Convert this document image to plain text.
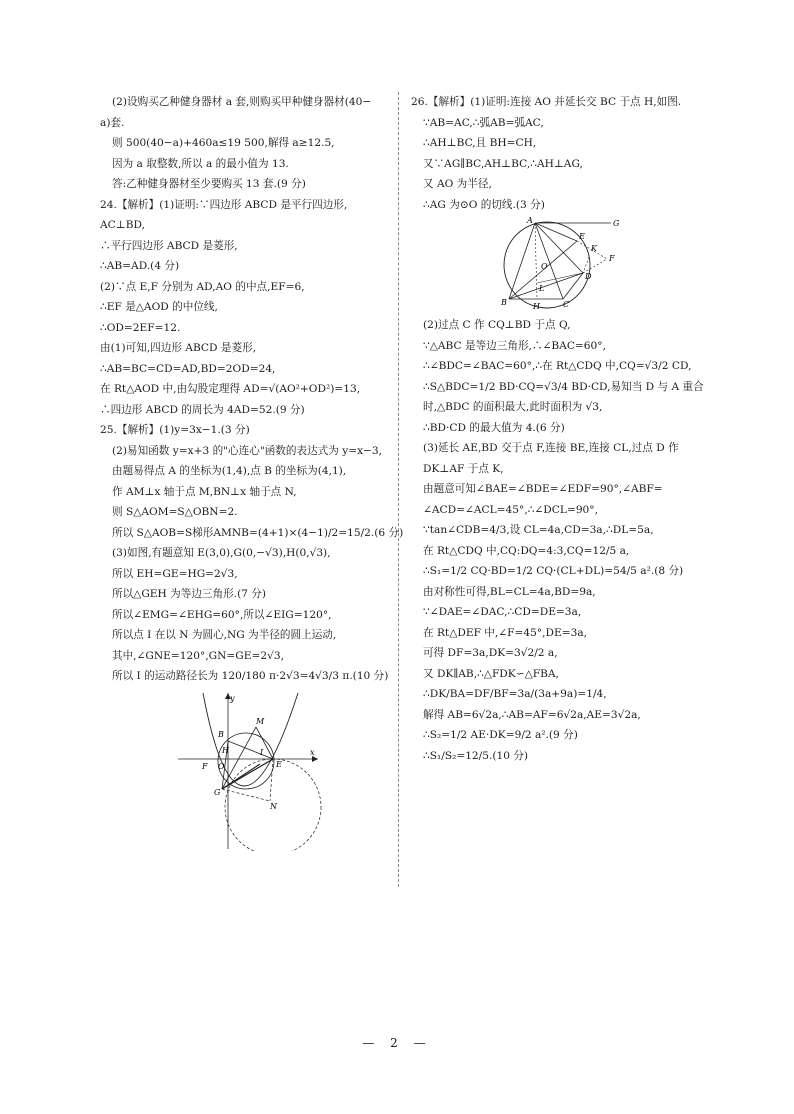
(2)设购买乙种健身器材 a 套,则购买甲种健身器材(40−
a)套.
则 500(40−a)+460a≤19 500,解得 a≥12.5,
因为 a 取整数,所以 a 的最小值为 13.
答:乙种健身器材至少要购买 13 套.(9 分)
24.【解析】(1)证明:∵四边形 ABCD 是平行四边形,
AC⊥BD,
∴平行四边形 ABCD 是菱形,
∴AB=AD.(4 分)
(2)∵点 E,F 分别为 AD,AO 的中点,EF=6,
∴EF 是△AOD 的中位线,
∴OD=2EF=12.
由(1)可知,四边形 ABCD 是菱形,
∴AB=BC=CD=AD,BD=2OD=24,
在 Rt△AOD 中,由勾股定理得 AD=√(AO²+OD²)=13,
∴四边形 ABCD 的周长为 4AD=52.(9 分)
25.【解析】(1)y=3x−1.(3 分)
(2)易知函数 y=x+3 的"心连心"函数的表达式为 y=x−3,
由题易得点 A 的坐标为(1,4),点 B 的坐标为(4,1),
作 AM⊥x 轴于点 M,BN⊥x 轴于点 N,
则 S△AOM=S△OBN=2.
所以 S△AOB=S梯形AMNB=(4+1)×(4−1)/2=15/2.(6 分)
(3)如图,有题意知 E(3,0),G(0,−√3),H(0,√3),
所以 EH=GE=HG=2√3,
所以△GEH 为等边三角形.(7 分)
所以∠EMG=∠EHG=60°,所以∠EIG=120°,
所以点 I 在以 N 为圆心,NG 为半径的圆上运动,
其中,∠GNE=120°,GN=GE=2√3,
所以 I 的运动路径长为 120/180 π·2√3=4√3/3 π.(10 分)
y
x
B
M
H	I
F O	E
G
N
26.【解析】(1)证明:连接 AO 并延长交 BC 于点 H,如图.
∵AB=AC,∴弧AB=弧AC,
∴AH⊥BC,且 BH=CH,
又∵AG∥BC,AH⊥BC,∴AH⊥AG,
又 AO 为半径,
∴AG 为⊙O 的切线.(3 分)
A	G
E
K
F
O
D
L
B	H	C
(2)过点 C 作 CQ⊥BD 于点 Q,
∵△ABC 是等边三角形,∴∠BAC=60°,
∴∠BDC=∠BAC=60°,∴在 Rt△CDQ 中,CQ=√3/2 CD,
∴S△BDC=1/2 BD·CQ=√3/4 BD·CD,易知当 D 与 A 重合
时,△BDC 的面积最大,此时面积为 √3,
∴BD·CD 的最大值为 4.(6 分)
(3)延长 AE,BD 交于点 F,连接 BE,连接 CL,过点 D 作
DK⊥AF 于点 K,
由题意可知∠BAE=∠BDE=∠EDF=90°,∠ABF=
∠ACD=∠ACL=45°,∴∠DCL=90°,
∵tan∠CDB=4/3,设 CL=4a,CD=3a,∴DL=5a,
在 Rt△CDQ 中,CQ:DQ=4:3,CQ=12/5 a,
∴S₁=1/2 CQ·BD=1/2 CQ·(CL+DL)=54/5 a².(8 分)
由对称性可得,BL=CL=4a,BD=9a,
∵∠DAE=∠DAC,∴CD=DE=3a,
在 Rt△DEF 中,∠F=45°,DE=3a,
可得 DF=3a,DK=3√2/2 a,
又 DK∥AB,∴△FDK∽△FBA,
∴DK/BA=DF/BF=3a/(3a+9a)=1/4,
解得 AB=6√2a,∴AB=AF=6√2a,AE=3√2a,
∴S₂=1/2 AE·DK=9/2 a².(9 分)
∴S₁/S₂=12/5.(10 分)
— 2 —
